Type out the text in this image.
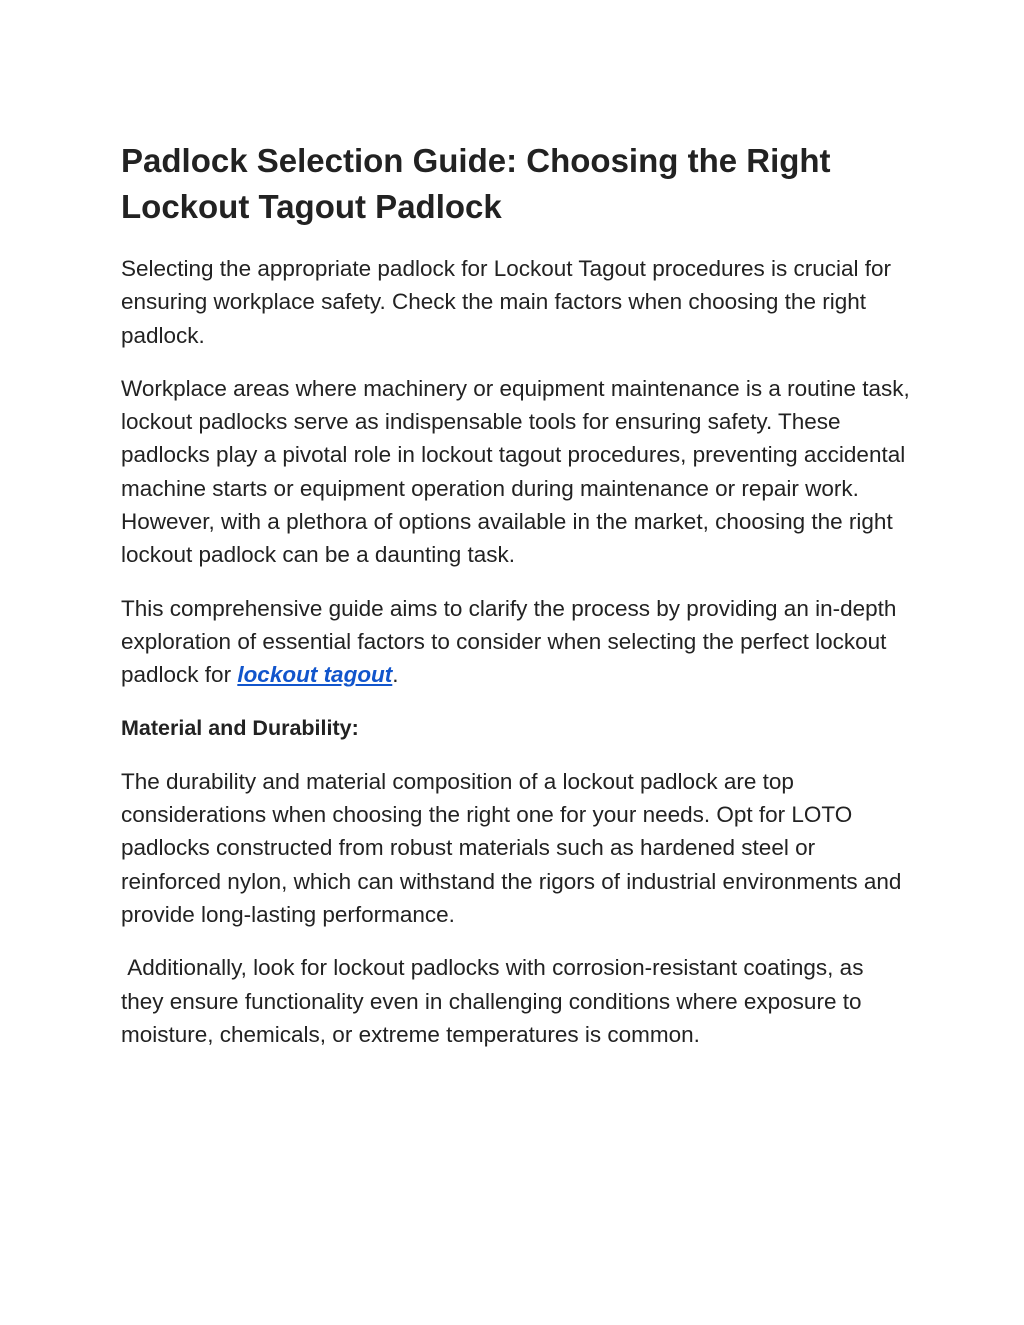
Padlock Selection Guide: Choosing the Right Lockout Tagout Padlock

Selecting the appropriate padlock for Lockout Tagout procedures is crucial for ensuring workplace safety. Check the main factors when choosing the right padlock.

Workplace areas where machinery or equipment maintenance is a routine task, lockout padlocks serve as indispensable tools for ensuring safety. These padlocks play a pivotal role in lockout tagout procedures, preventing accidental machine starts or equipment operation during maintenance or repair work. However, with a plethora of options available in the market, choosing the right lockout padlock can be a daunting task.

This comprehensive guide aims to clarify the process by providing an in-depth exploration of essential factors to consider when selecting the perfect lockout padlock for lockout tagout.

Material and Durability:

The durability and material composition of a lockout padlock are top considerations when choosing the right one for your needs. Opt for LOTO padlocks constructed from robust materials such as hardened steel or reinforced nylon, which can withstand the rigors of industrial environments and provide long-lasting performance.

Additionally, look for lockout padlocks with corrosion-resistant coatings, as they ensure functionality even in challenging conditions where exposure to moisture, chemicals, or extreme temperatures is common.
